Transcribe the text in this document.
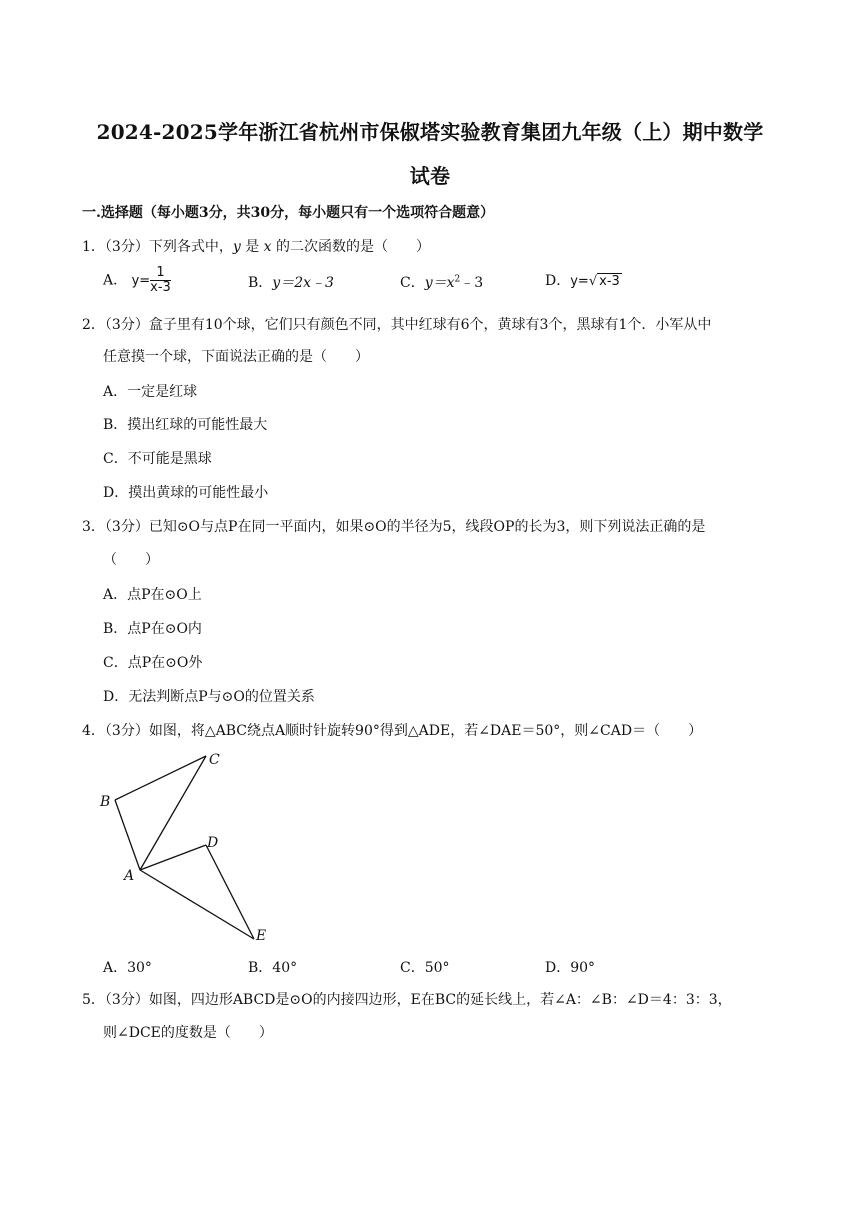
2024-2025学年浙江省杭州市保俶塔实验教育集团九年级（上）期中数学
试卷
一.选择题（每小题3分，共30分，每小题只有一个选项符合题意）
1．（3分）下列各式中，y 是 x 的二次函数的是（　　）
A． $y= \frac{1}{x-3}$	B．y＝2x﹣3	C．$y=x^2﹣3$	D．y=√ x-3
2．（3分）盒子里有10个球，它们只有颜色不同，其中红球有6个，黄球有3个，黑球有1个．小军从中
任意摸一个球，下面说法正确的是（　　）
A．一定是红球
B．摸出红球的可能性最大
C．不可能是黑球
D．摸出黄球的可能性最小
3．（3分）已知⊙O与点P在同一平面内，如果⊙O的半径为5，线段OP的长为3，则下列说法正确的是
（　　）
A．点P在⊙O上
B．点P在⊙O内
C．点P在⊙O外
D．无法判断点P与⊙O的位置关系
4．（3分）如图，将△ABC绕点A顺时针旋转90°得到△ADE，若∠DAE＝50°，则∠CAD＝（　　）
A
B
C
D
E
A．30°	B．40°	C．50°	D．90°
5．（3分）如图，四边形ABCD是⊙O的内接四边形，E在BC的延长线上，若∠A：∠B：∠D＝4：3：3，
则∠DCE的度数是（　　）
